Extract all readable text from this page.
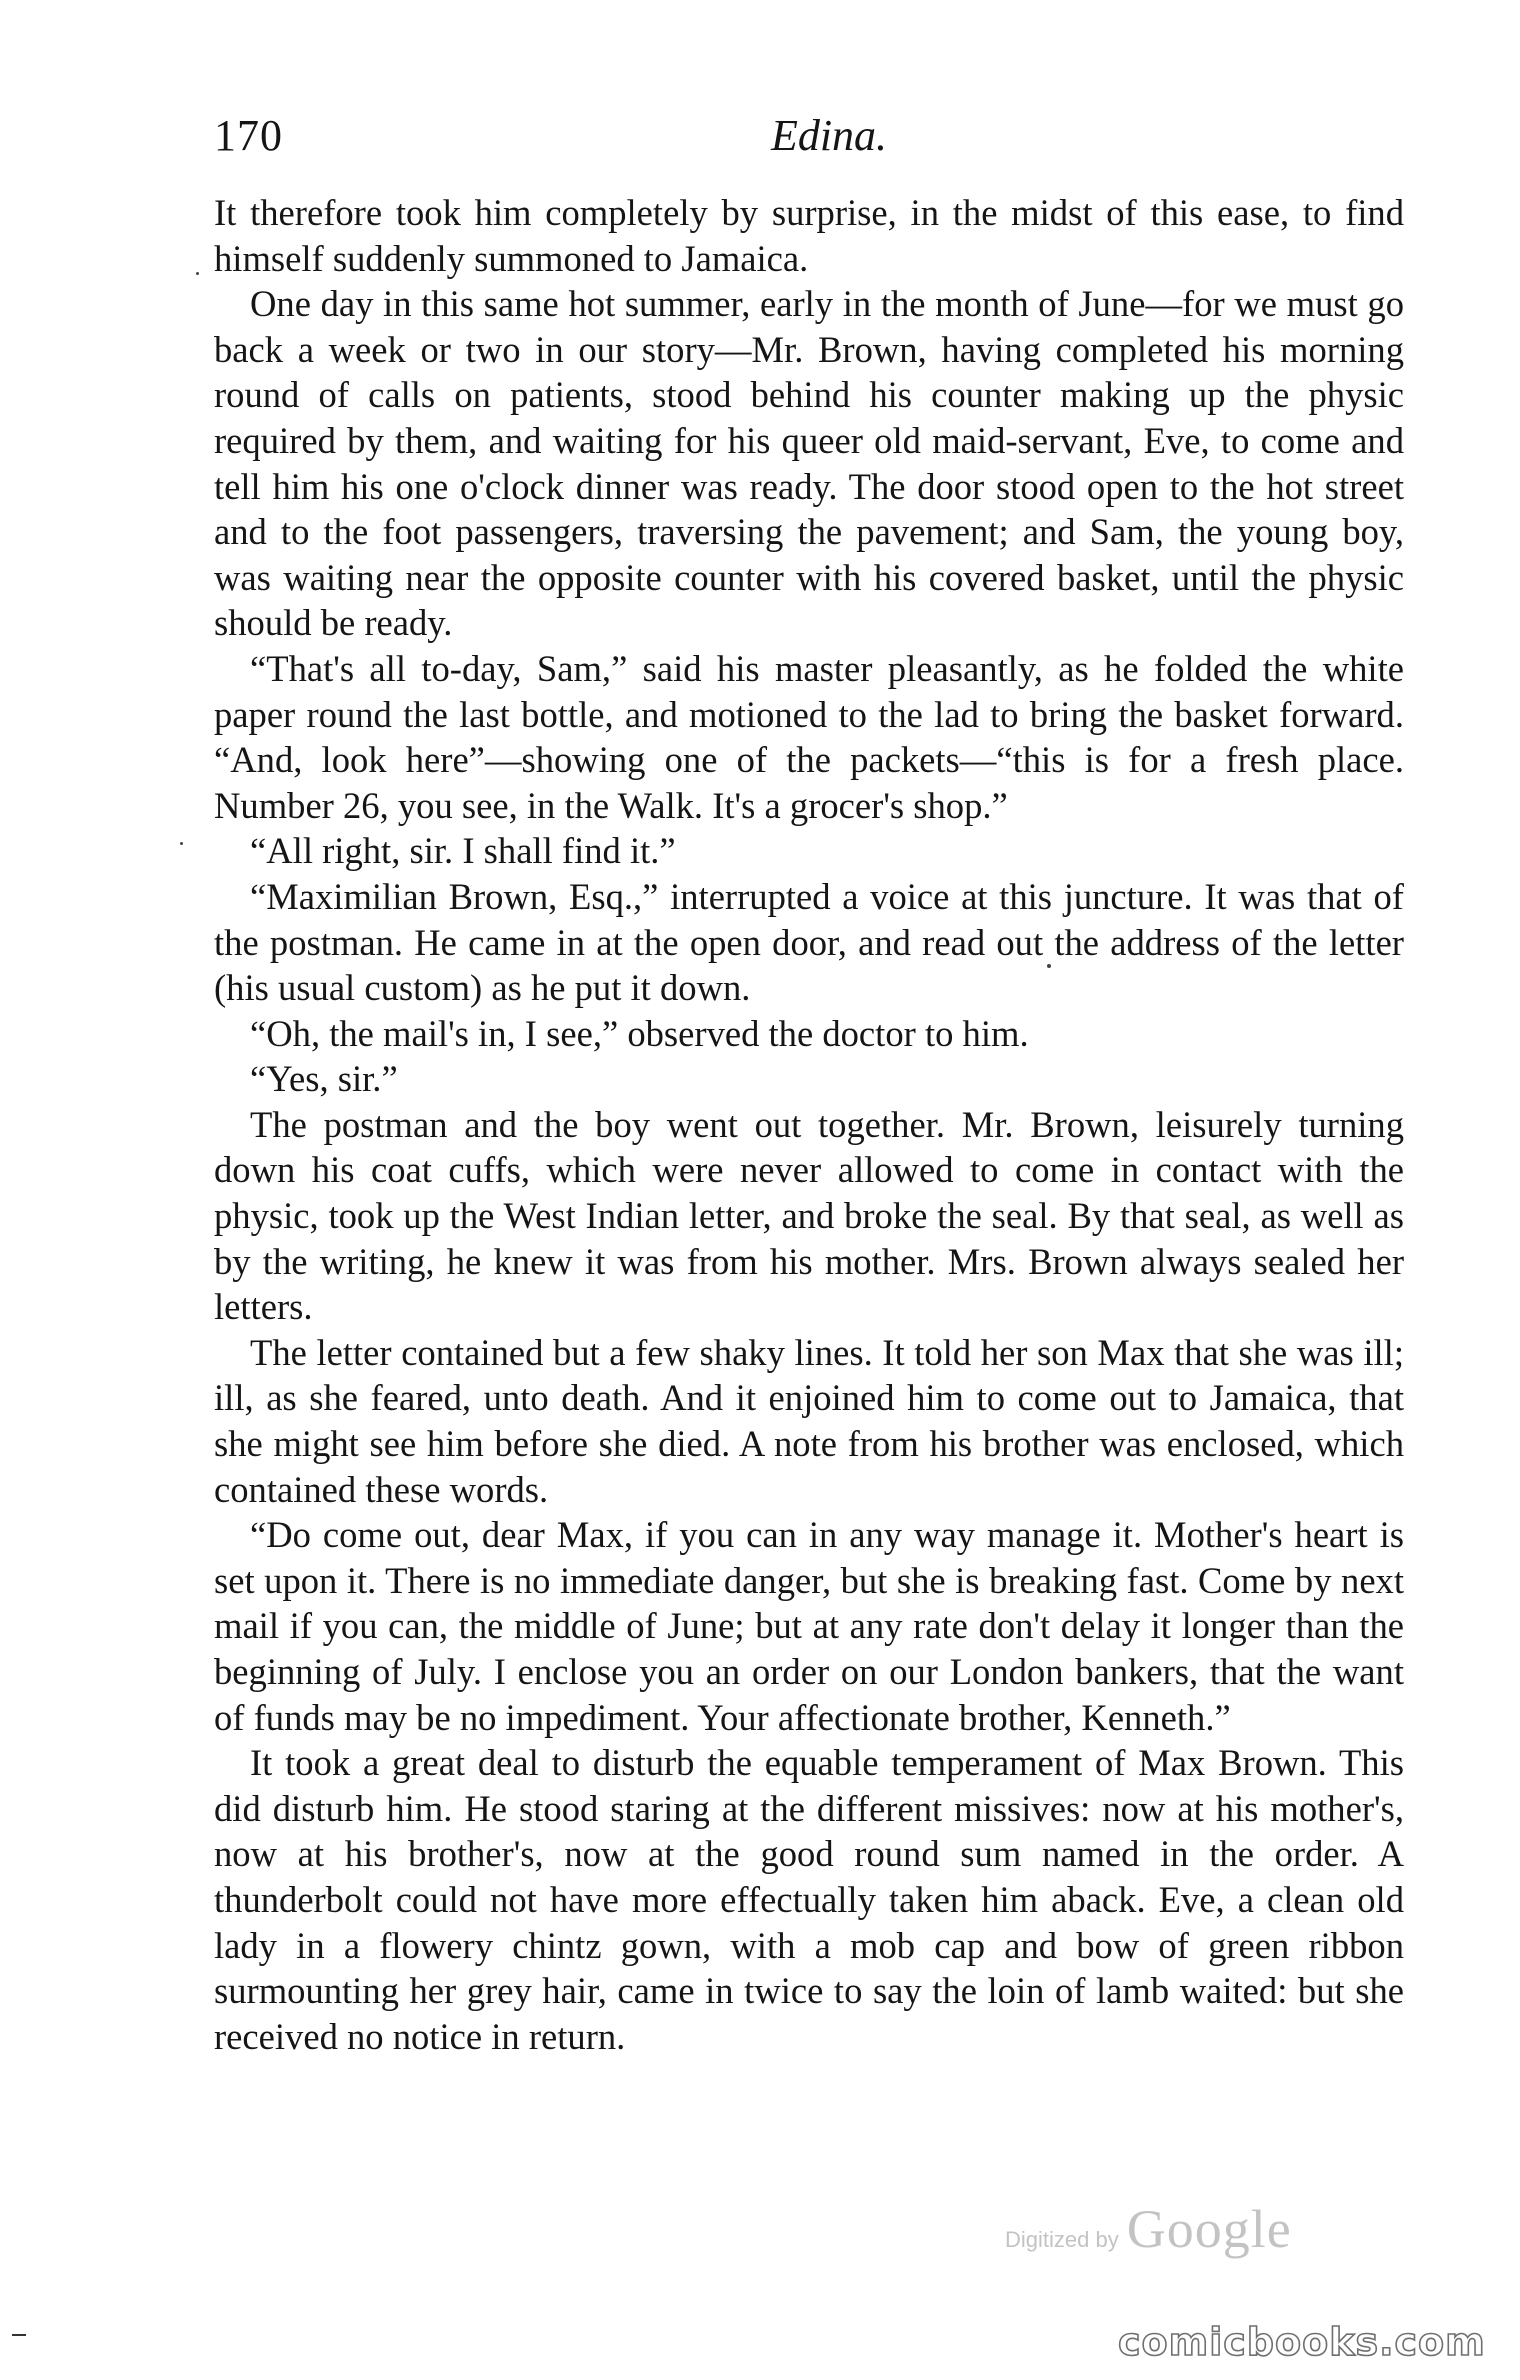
170	Edina.

It therefore took him completely by surprise, in the midst of this ease, to find himself suddenly summoned to Jamaica.

One day in this same hot summer, early in the month of June—for we must go back a week or two in our story—Mr. Brown, having completed his morning round of calls on patients, stood behind his counter making up the physic required by them, and waiting for his queer old maid-servant, Eve, to come and tell him his one o'clock dinner was ready. The door stood open to the hot street and to the foot passengers, traversing the pavement; and Sam, the young boy, was waiting near the opposite counter with his covered basket, until the physic should be ready.

“That's all to-day, Sam,” said his master pleasantly, as he folded the white paper round the last bottle, and motioned to the lad to bring the basket forward. “And, look here”—showing one of the packets—“this is for a fresh place. Number 26, you see, in the Walk. It's a grocer's shop.”

“All right, sir. I shall find it.”

“Maximilian Brown, Esq.,” interrupted a voice at this juncture. It was that of the postman. He came in at the open door, and read out the address of the letter (his usual custom) as he put it down.

“Oh, the mail's in, I see,” observed the doctor to him.

“Yes, sir.”

The postman and the boy went out together. Mr. Brown, leisurely turning down his coat cuffs, which were never allowed to come in contact with the physic, took up the West Indian letter, and broke the seal. By that seal, as well as by the writing, he knew it was from his mother. Mrs. Brown always sealed her letters.

The letter contained but a few shaky lines. It told her son Max that she was ill; ill, as she feared, unto death. And it enjoined him to come out to Jamaica, that she might see him before she died. A note from his brother was enclosed, which contained these words.

“Do come out, dear Max, if you can in any way manage it. Mother's heart is set upon it. There is no immediate danger, but she is breaking fast. Come by next mail if you can, the middle of June; but at any rate don't delay it longer than the beginning of July. I enclose you an order on our London bankers, that the want of funds may be no impediment. Your affectionate brother, Kenneth.”

It took a great deal to disturb the equable temperament of Max Brown. This did disturb him. He stood staring at the different missives: now at his mother's, now at his brother's, now at the good round sum named in the order. A thunderbolt could not have more effectually taken him aback. Eve, a clean old lady in a flowery chintz gown, with a mob cap and bow of green ribbon surmounting her grey hair, came in twice to say the loin of lamb waited: but she received no notice in return.

Digitized by Google
comicbooks.com
